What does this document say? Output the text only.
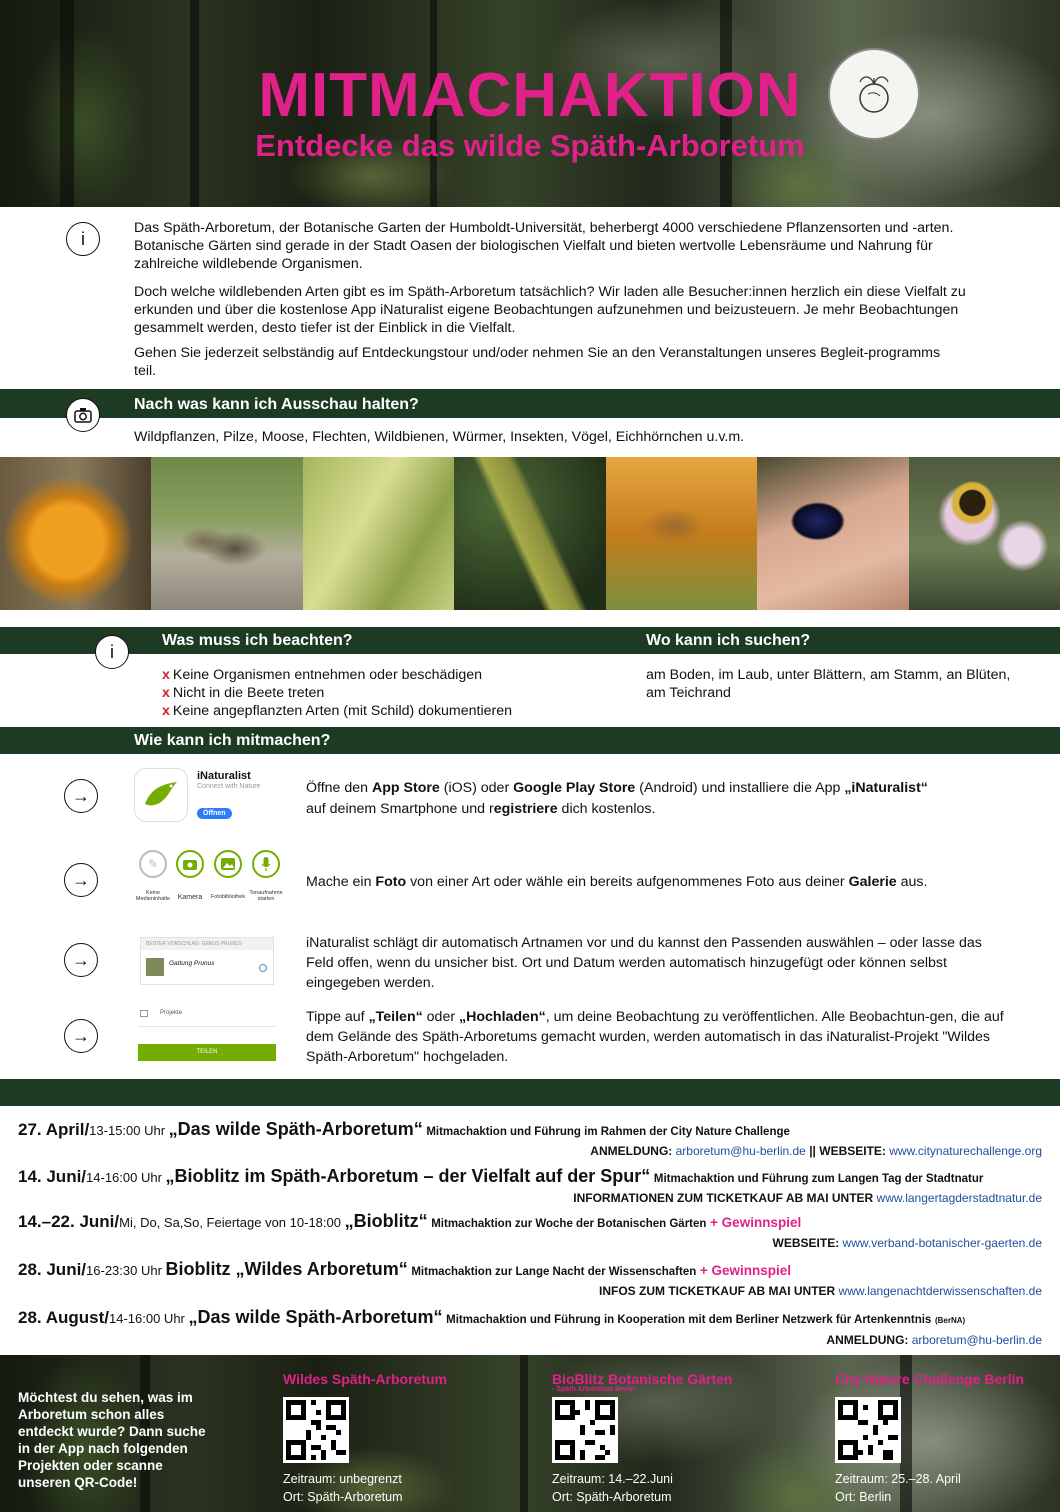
MITMACHAKTION
Entdecke das wilde Späth-Arboretum
i

Das Späth-Arboretum, der Botanische Garten der Humboldt-Universität, beherbergt 4000 verschiedene Pflanzensorten und -arten. Botanische Gärten sind gerade in der Stadt Oasen der biologischen Vielfalt und bieten wertvolle Lebensräume und Nahrung für zahlreiche wildlebende Organismen.

Doch welche wildlebenden Arten gibt es im Späth-Arboretum tatsächlich? Wir laden alle Besucher:innen herzlich ein diese Vielfalt zu erkunden und über die kostenlose App iNaturalist eigene Beobachtungen aufzunehmen und beizusteuern. Je mehr Beobachtungen gesammelt werden, desto tiefer ist der Einblick in die Vielfalt.

Gehen Sie jederzeit selbständig auf Entdeckungstour und/oder nehmen Sie an den Veranstaltungen unseres Begleit-programms teil.

Nach was kann ich Ausschau halten?

Wildpflanzen, Pilze, Moose, Flechten, Wildbienen, Würmer, Insekten, Vögel, Eichhörnchen u.v.m.

Was muss ich beachten?	Wo kann ich suchen?
i
x Keine Organismen entnehmen oder beschädigen
x Nicht in die Beete treten
x Keine angepflanzten Arten (mit Schild) dokumentieren

am Boden, im Laub, unter Blättern, am Stamm, an Blüten, am Teichrand

Wie kann ich mitmachen?
→
iNaturalist
Connect with Nature
Öffnen

Öffne den App Store (iOS) oder Google Play Store (Android) und installiere die App „iNaturalist“
auf deinem Smartphone und registriere dich kostenlos.

→
✎
Keine Medieninhalte	Kamera	Fotobibliothek
Tonaufnahme starten

Mache ein Foto von einer Art oder wähle ein bereits aufgenommenes Foto aus deiner Galerie aus.

→
BESTER VORSCHLAG: GENUS PRUNUS
Gattung Prunus

iNaturalist schlägt dir automatisch Artnamen vor und du kannst den Passenden auswählen – oder lasse das Feld offen, wenn du unsicher bist. Ort und Datum werden automatisch hinzugefügt oder können selbst eingegeben werden.

→
Projekte
TEILEN

Tippe auf „Teilen“ oder „Hochladen“, um deine Beobachtung zu veröffentlichen. Alle Beobachtun-gen, die auf dem Gelände des Späth-Arboretums gemacht wurden, werden automatisch in das iNaturalist-Projekt "Wildes Späth-Arboretum" hochgeladen.

27. April/13-15:00 Uhr „Das wilde Späth-Arboretum“ Mitmachaktion und Führung im Rahmen der City Nature Challenge
ANMELDUNG: arboretum@hu-berlin.de || WEBSEITE: www.citynaturechallenge.org
14. Juni/14-16:00 Uhr „Bioblitz im Späth-Arboretum – der Vielfalt auf der Spur“ Mitmachaktion und Führung zum Langen Tag der Stadtnatur
INFORMATIONEN ZUM TICKETKAUF AB MAI UNTER www.langertagderstadtnatur.de
14.–22. Juni/Mi, Do, Sa,So, Feiertage von 10-18:00 „Bioblitz“ Mitmachaktion zur Woche der Botanischen Gärten + Gewinnspiel
WEBSEITE: www.verband-botanischer-gaerten.de
28. Juni/16-23:30 Uhr Bioblitz „Wildes Arboretum“ Mitmachaktion zur Lange Nacht der Wissenschaften + Gewinnspiel
INFOS ZUM TICKETKAUF AB MAI UNTER www.langenachtderwissenschaften.de
28. August/14-16:00 Uhr „Das wilde Späth-Arboretum“ Mitmachaktion und Führung in Kooperation mit dem Berliner Netzwerk für Artenkenntnis (BerNA)
ANMELDUNG: arboretum@hu-berlin.de

Möchtest du sehen, was im Arboretum schon alles entdeckt wurde? Dann suche in der App nach folgenden Projekten oder scanne unseren QR-Code!

Wildes Späth-Arboretum
Zeitraum: unbegrenzt
Ort: Späth-Arboretum
BioBlitz Botanische Gärten
- Späth Arboretum Berlin
Zeitraum: 14.–22.Juni
Ort: Späth-Arboretum
City Nature Challenge Berlin
Zeitraum: 25.–28. April
Ort: Berlin
